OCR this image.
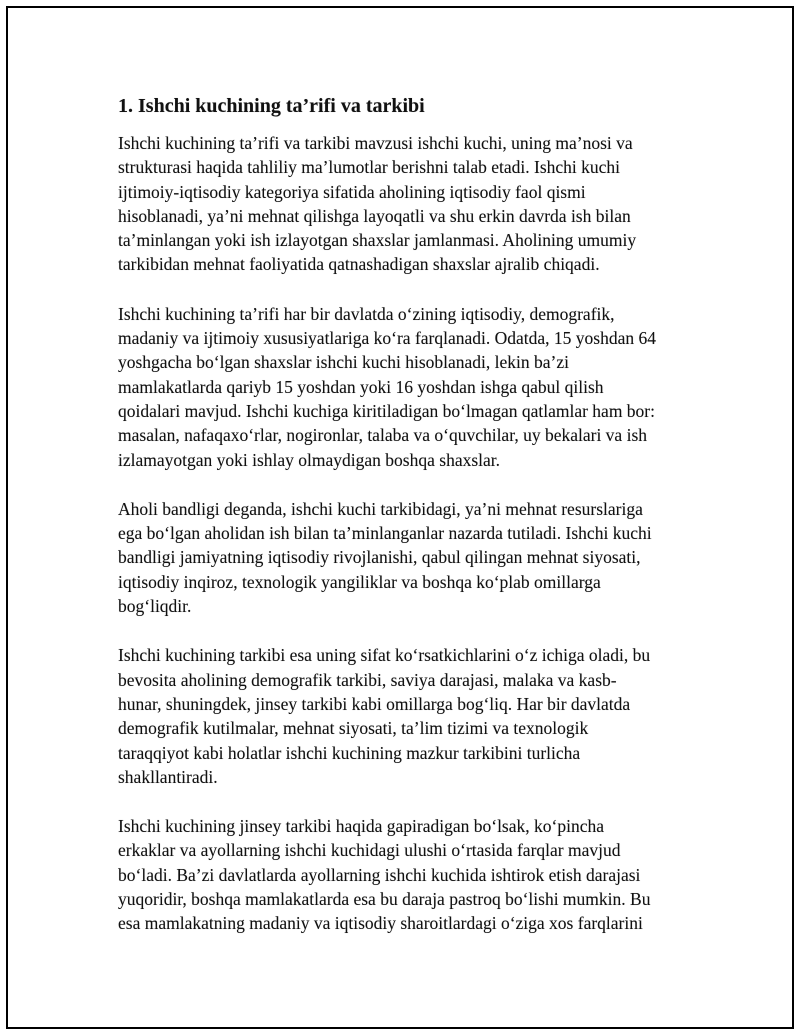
1. Ishchi kuchining ta’rifi va tarkibi
Ishchi kuchining ta’rifi va tarkibi mavzusi ishchi kuchi, uning ma’nosi va
strukturasi haqida tahliliy ma’lumotlar berishni talab etadi. Ishchi kuchi
ijtimoiy-iqtisodiy kategoriya sifatida aholining iqtisodiy faol qismi
hisoblanadi, ya’ni mehnat qilishga layoqatli va shu erkin davrda ish bilan
ta’minlangan yoki ish izlayotgan shaxslar jamlanmasi. Aholining umumiy
tarkibidan mehnat faoliyatida qatnashadigan shaxslar ajralib chiqadi.
Ishchi kuchining ta’rifi har bir davlatda o‘zining iqtisodiy, demografik,
madaniy va ijtimoiy xususiyatlariga ko‘ra farqlanadi. Odatda, 15 yoshdan 64
yoshgacha bo‘lgan shaxslar ishchi kuchi hisoblanadi, lekin ba’zi
mamlakatlarda qariyb 15 yoshdan yoki 16 yoshdan ishga qabul qilish
qoidalari mavjud. Ishchi kuchiga kiritiladigan bo‘lmagan qatlamlar ham bor:
masalan, nafaqaxo‘rlar, nogironlar, talaba va o‘quvchilar, uy bekalari va ish
izlamayotgan yoki ishlay olmaydigan boshqa shaxslar.
Aholi bandligi deganda, ishchi kuchi tarkibidagi, ya’ni mehnat resurslariga
ega bo‘lgan aholidan ish bilan ta’minlanganlar nazarda tutiladi. Ishchi kuchi
bandligi jamiyatning iqtisodiy rivojlanishi, qabul qilingan mehnat siyosati,
iqtisodiy inqiroz, texnologik yangiliklar va boshqa ko‘plab omillarga
bog‘liqdir.
Ishchi kuchining tarkibi esa uning sifat ko‘rsatkichlarini o‘z ichiga oladi, bu
bevosita aholining demografik tarkibi, saviya darajasi, malaka va kasb-
hunar, shuningdek, jinsey tarkibi kabi omillarga bog‘liq. Har bir davlatda
demografik kutilmalar, mehnat siyosati, ta’lim tizimi va texnologik
taraqqiyot kabi holatlar ishchi kuchining mazkur tarkibini turlicha
shakllantiradi.
Ishchi kuchining jinsey tarkibi haqida gapiradigan bo‘lsak, ko‘pincha
erkaklar va ayollarning ishchi kuchidagi ulushi o‘rtasida farqlar mavjud
bo‘ladi. Ba’zi davlatlarda ayollarning ishchi kuchida ishtirok etish darajasi
yuqoridir, boshqa mamlakatlarda esa bu daraja pastroq bo‘lishi mumkin. Bu
esa mamlakatning madaniy va iqtisodiy sharoitlardagi o‘ziga xos farqlarini
